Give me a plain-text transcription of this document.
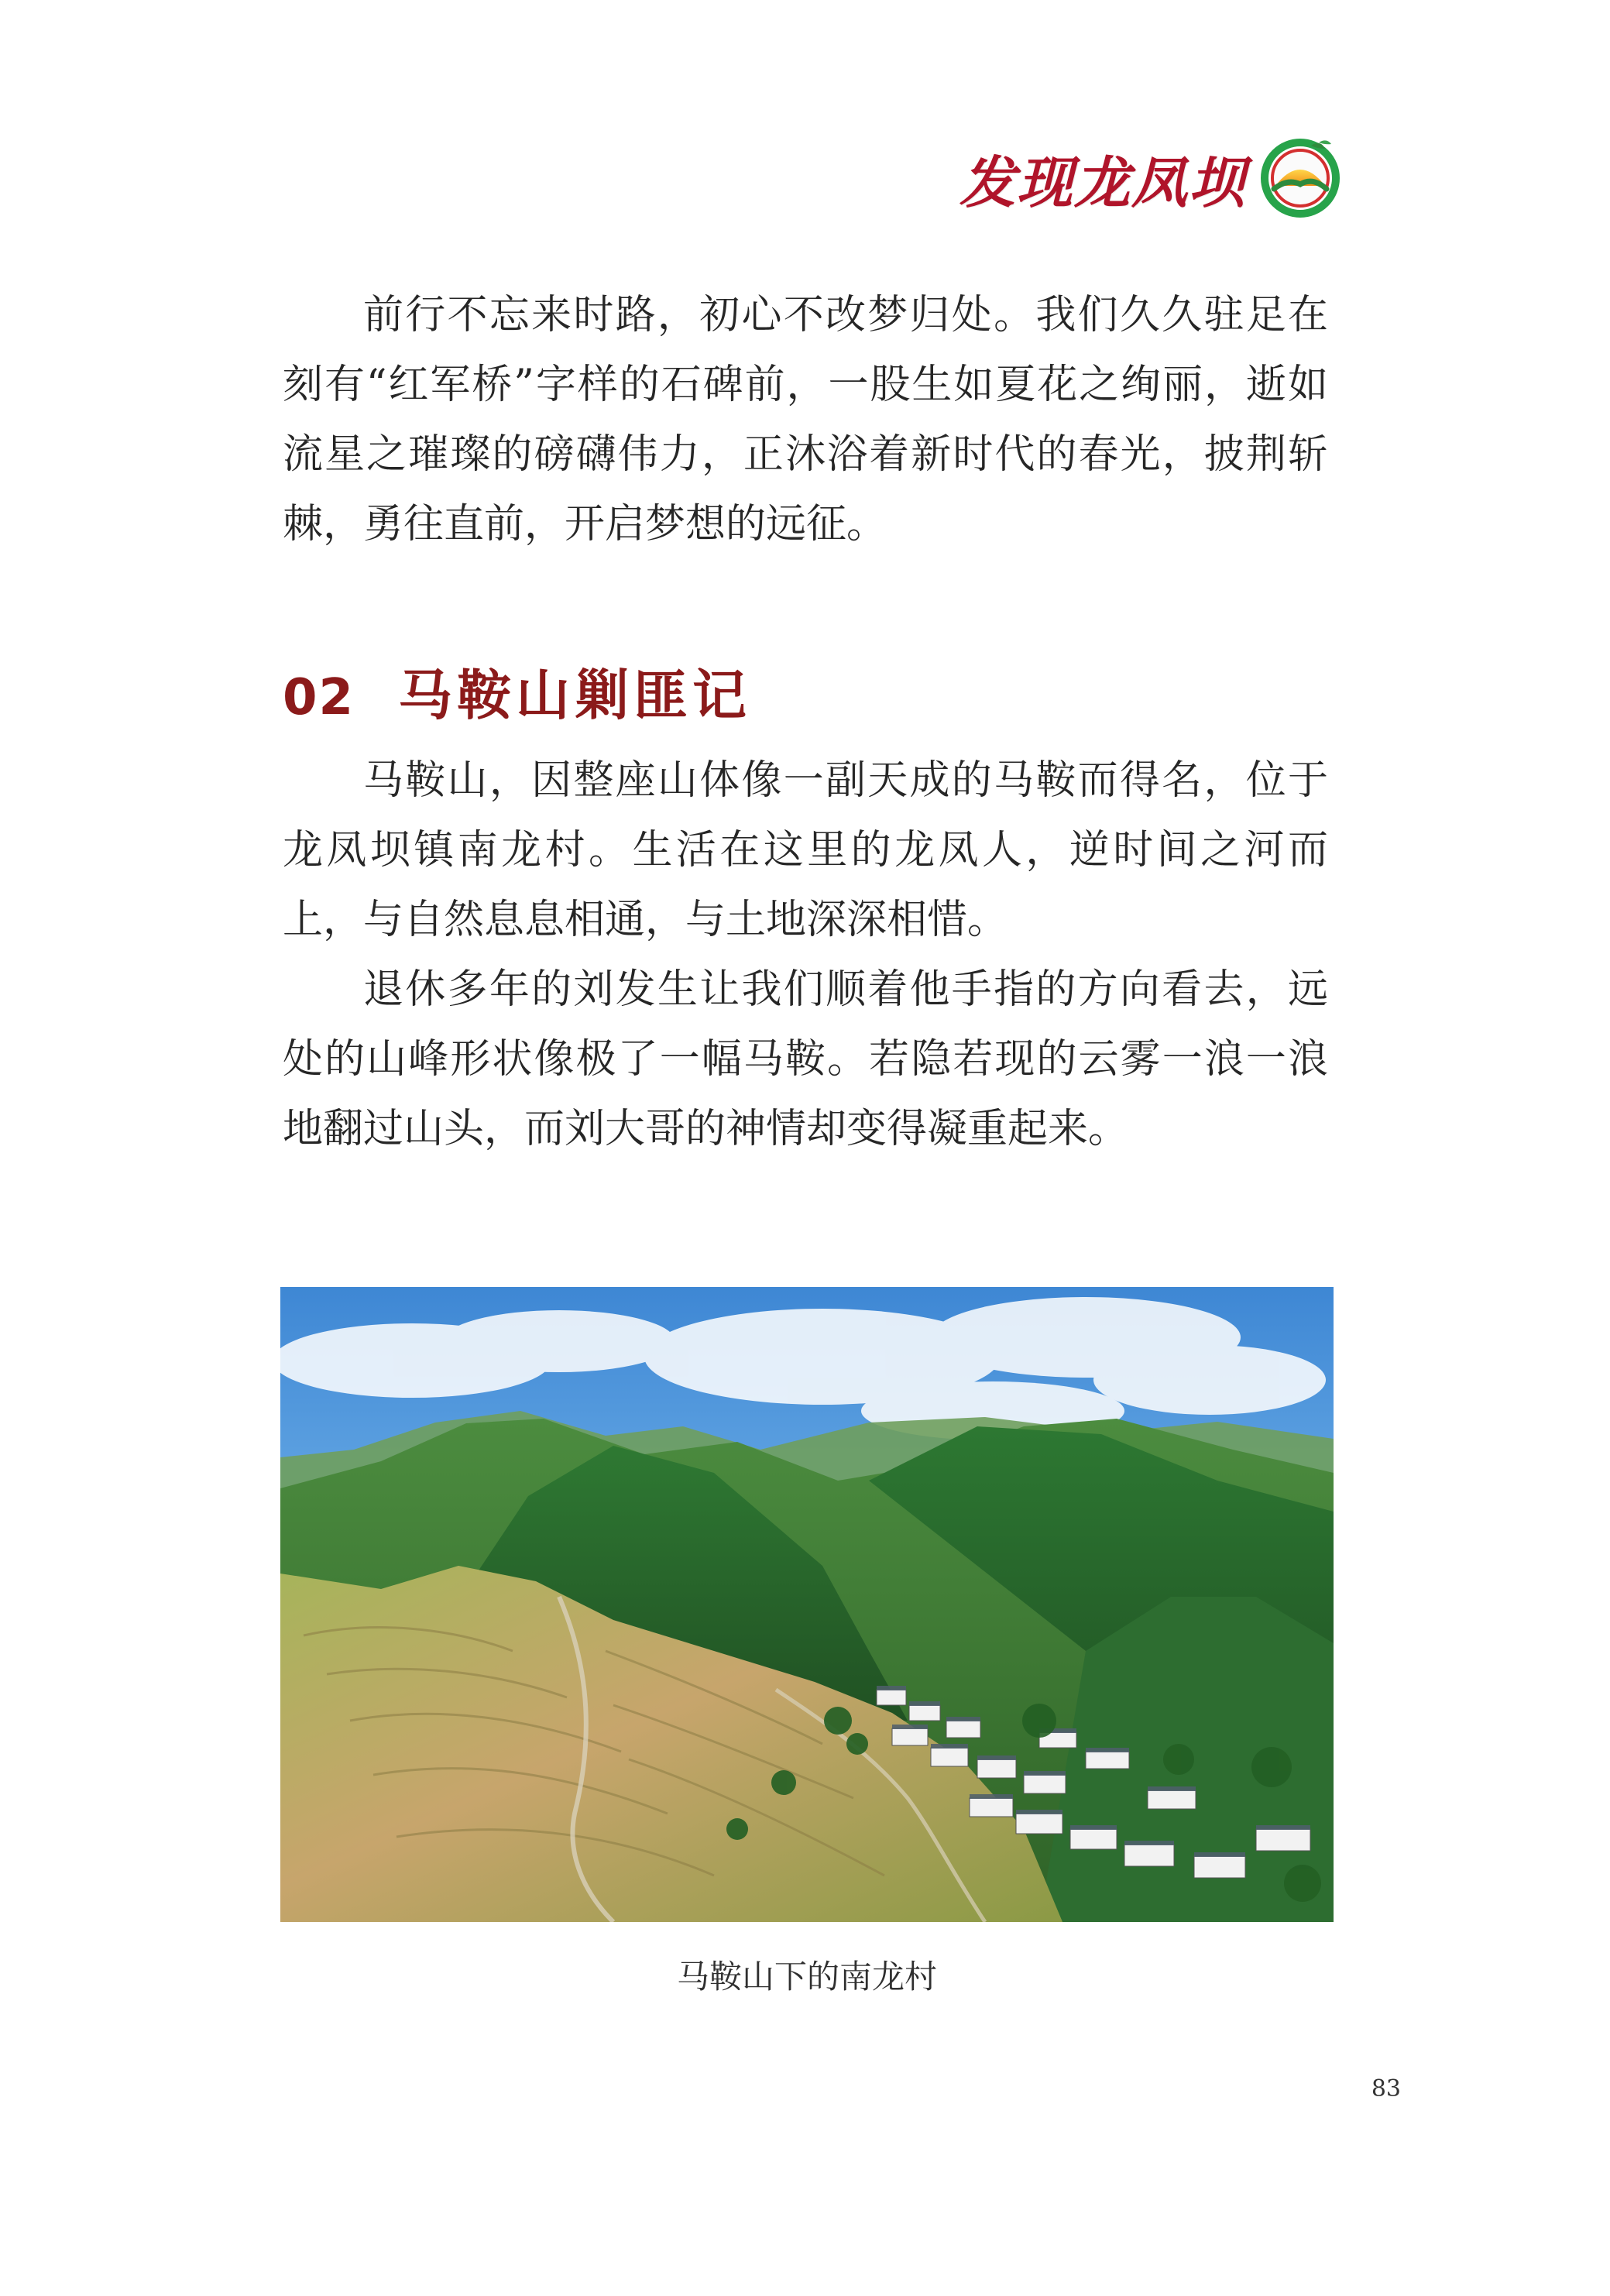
发现龙凤坝

前行不忘来时路，初心不改梦归处。我们久久驻足在刻有“红军桥”字样的石碑前，一股生如夏花之绚丽，逝如流星之璀璨的磅礴伟力，正沐浴着新时代的春光，披荆斩棘，勇往直前，开启梦想的远征。

02 马鞍山剿匪记

马鞍山，因整座山体像一副天成的马鞍而得名，位于龙凤坝镇南龙村。生活在这里的龙凤人，逆时间之河而上，与自然息息相通，与土地深深相惜。

退休多年的刘发生让我们顺着他手指的方向看去，远处的山峰形状像极了一幅马鞍。若隐若现的云雾一浪一浪地翻过山头，而刘大哥的神情却变得凝重起来。

马鞍山下的南龙村
83
